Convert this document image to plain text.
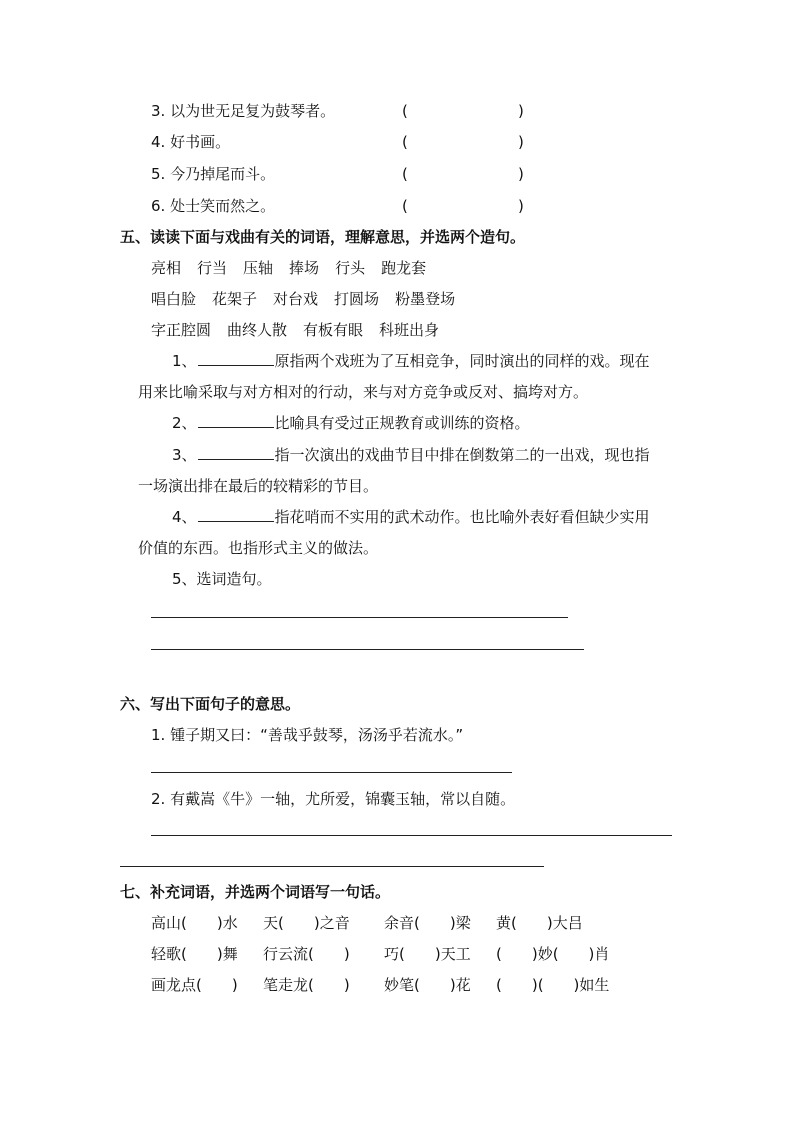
3. 以为世无足复为鼓琴者。	(	)
4. 好书画。	(	)
5. 今乃掉尾而斗。	(	)
6. 处士笑而然之。	(	)
五、读读下面与戏曲有关的词语，理解意思，并选两个造句。
亮相 行当 压轴 捧场 行头 跑龙套
唱白脸 花架子 对台戏 打圆场 粉墨登场
字正腔圆 曲终人散 有板有眼 科班出身
1、	原指两个戏班为了互相竞争，同时演出的同样的戏。现在
用来比喻采取与对方相对的行动，来与对方竞争或反对、搞垮对方。
2、	比喻具有受过正规教育或训练的资格。
3、	指一次演出的戏曲节目中排在倒数第二的一出戏，现也指
一场演出排在最后的较精彩的节目。
4、	指花哨而不实用的武术动作。也比喻外表好看但缺少实用
价值的东西。也指形式主义的做法。
5、选词造句。
六、写出下面句子的意思。
1. 锺子期又曰：“善哉乎鼓琴，汤汤乎若流水。”
2. 有戴嵩《牛》一轴，尤所爱，锦囊玉轴，常以自随。
七、补充词语，并选两个词语写一句话。
高山(　　)水 天(　　)之音 余音(　　)梁 黄(　　)大吕
轻歌(　　)舞 行云流(　　) 巧(　　)天工 (　　)妙(　　)肖
画龙点(　　) 笔走龙(　　) 妙笔(　　)花 (　　)(　　)如生
